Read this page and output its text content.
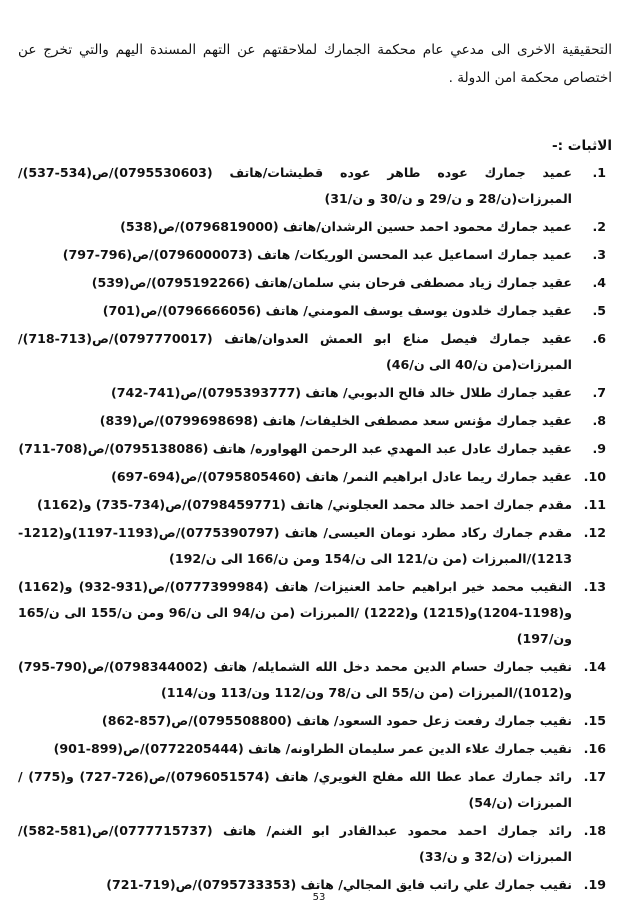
التحقيقية الاخرى الى مدعي عام محكمة الجمارك لملاحقتهم عن التهم المسندة اليهم والتي تخرج عن اختصاص محكمة امن الدولة .

الاثبات :-
1.
عميد جمارك عوده طاهر عوده قطيشات/هاتف (0795530603)/ص(534-537)/المبرزات(ن/28 و ن/29 و ن/30 و ن/31)
2.
عميد جمارك محمود احمد حسين الرشدان/هاتف (0796819000)/ص(538)
3.
عميد جمارك اسماعيل عبد المحسن الوريكات/ هاتف (0796000073)/ص(796-797)
4.
عقيد جمارك زياد مصطفى فرحان بني سلمان/هاتف (0795192266)/ص(539)
5.
عقيد جمارك خلدون يوسف يوسف المومني/ هاتف (0796666056)/ص(701)
6.
عقيد جمارك فيصل مناع ابو العمش العدوان/هاتف (0797770017)/ص(713-718)/المبرزات(من ن/40 الى ن/46)
7.
عقيد جمارك طلال خالد فالح الدبوبي/ هاتف (0795393777)/ص(741-742)
8.
عقيد جمارك مؤنس سعد مصطفى الخليفات/ هاتف (0799698698)/ص(839)
9.
عقيد جمارك عادل عبد المهدي عبد الرحمن الهواوره/ هاتف (0795138086)/ص(708-711)
10.
عقيد جمارك ريما عادل ابراهيم النمر/ هاتف (0795805460)/ص(694-697)
11.
مقدم جمارك احمد خالد محمد العجلوني/ هاتف (0798459771)/ص(734-735) و(1162)
12.
مقدم جمارك ركاد مطرد نومان العيسى/ هاتف (0775390797)/ص(1193-1197)و(1212-1213)/المبرزات (من ن/121 الى ن/154 ومن ن/166 الى ن/192)
13.
النقيب محمد خير ابراهيم حامد العنيزات/ هاتف (0777399984)/ص(931-932) و(1162) و(1198-1204)و(1215) و(1222) /المبرزات (من ن/94 الى ن/96 ومن ن/155 الى ن/165 ون/197)
14.
نقيب جمارك حسام الدين محمد دخل الله الشمايله/ هاتف (0798344002)/ص(790-795) و(1012)/المبرزات (من ن/55 الى ن/78 ون/112 ون/113 ون/114)
15.
نقيب جمارك رفعت زعل حمود السعود/ هاتف (0795508800)/ص(857-862)
16.
نقيب جمارك علاء الدين عمر سليمان الطراونه/ هاتف (0772205444)/ص(899-901)
17.
رائد جمارك عماد عطا الله مفلح الغويري/ هاتف (0796051574)/ص(726-727) و(775) /المبرزات (ن/54)
18.
رائد جمارك احمد محمود عبدالقادر ابو الغنم/ هاتف (0777715737)/ص(581-582)/المبرزات (ن/32 و ن/33)
19.
نقيب جمارك علي راتب فايق المجالي/ هاتف (0795733353)/ص(719-721)
53
